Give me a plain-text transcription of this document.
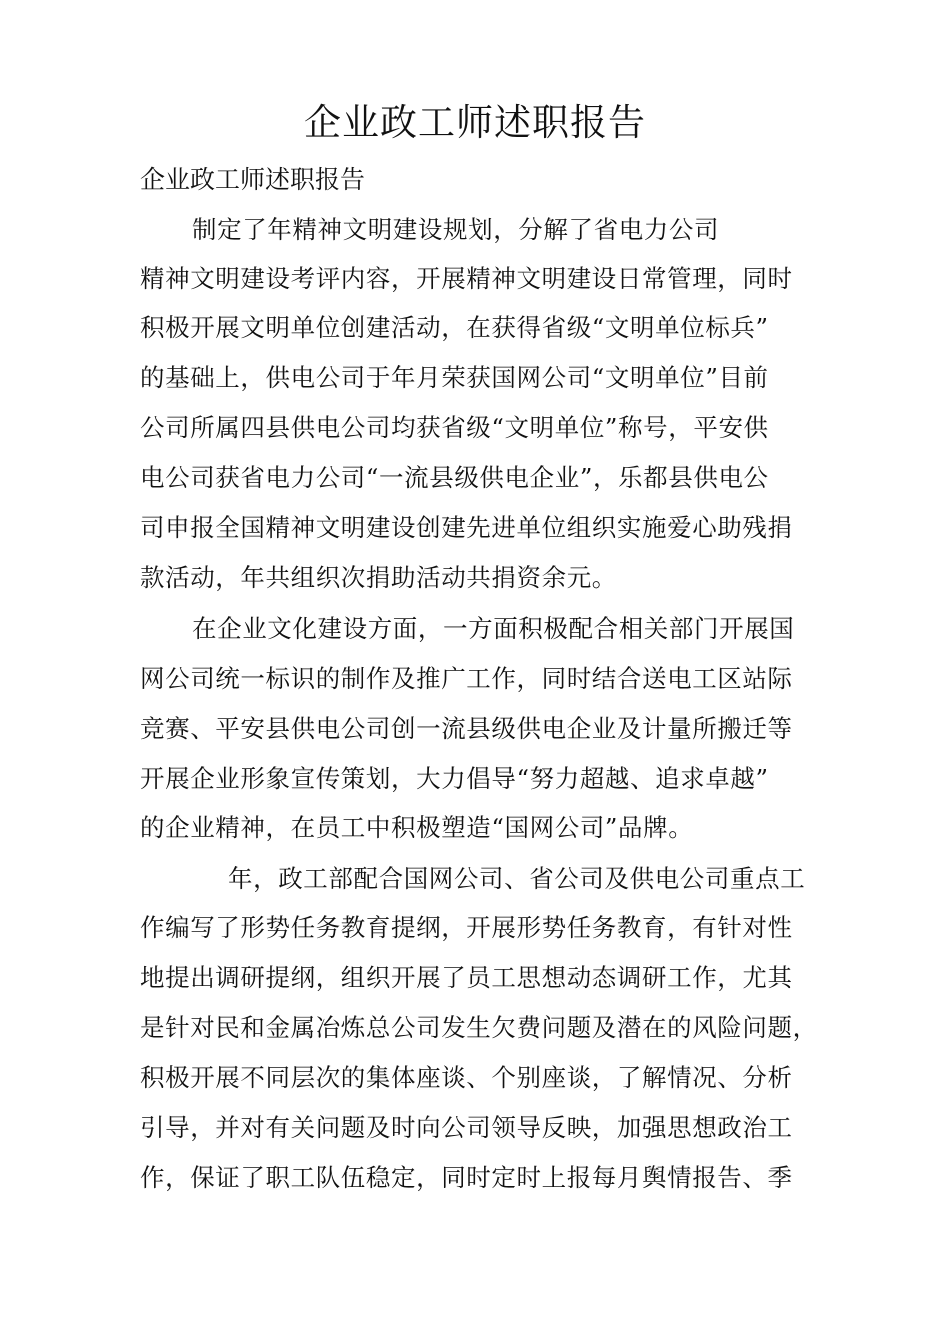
企业政工师述职报告

企业政工师述职报告

制定了年精神文明建设规划，分解了省电力公司

精神文明建设考评内容，开展精神文明建设日常管理，同时

积极开展文明单位创建活动，在获得省级“文明单位标兵”

的基础上，供电公司于年月荣获国网公司“文明单位”目前

公司所属四县供电公司均获省级“文明单位”称号，平安供

电公司获省电力公司“一流县级供电企业”，乐都县供电公

司申报全国精神文明建设创建先进单位组织实施爱心助残捐

款活动，年共组织次捐助活动共捐资余元。

在企业文化建设方面，一方面积极配合相关部门开展国

网公司统一标识的制作及推广工作，同时结合送电工区站际

竞赛、平安县供电公司创一流县级供电企业及计量所搬迁等

开展企业形象宣传策划，大力倡导“努力超越、追求卓越”

的企业精神，在员工中积极塑造“国网公司”品牌。

年，政工部配合国网公司、省公司及供电公司重点工

作编写了形势任务教育提纲，开展形势任务教育，有针对性

地提出调研提纲，组织开展了员工思想动态调研工作，尤其

是针对民和金属冶炼总公司发生欠费问题及潜在的风险问题，

积极开展不同层次的集体座谈、个别座谈，了解情况、分析

引导，并对有关问题及时向公司领导反映，加强思想政治工

作，保证了职工队伍稳定，同时定时上报每月舆情报告、季
